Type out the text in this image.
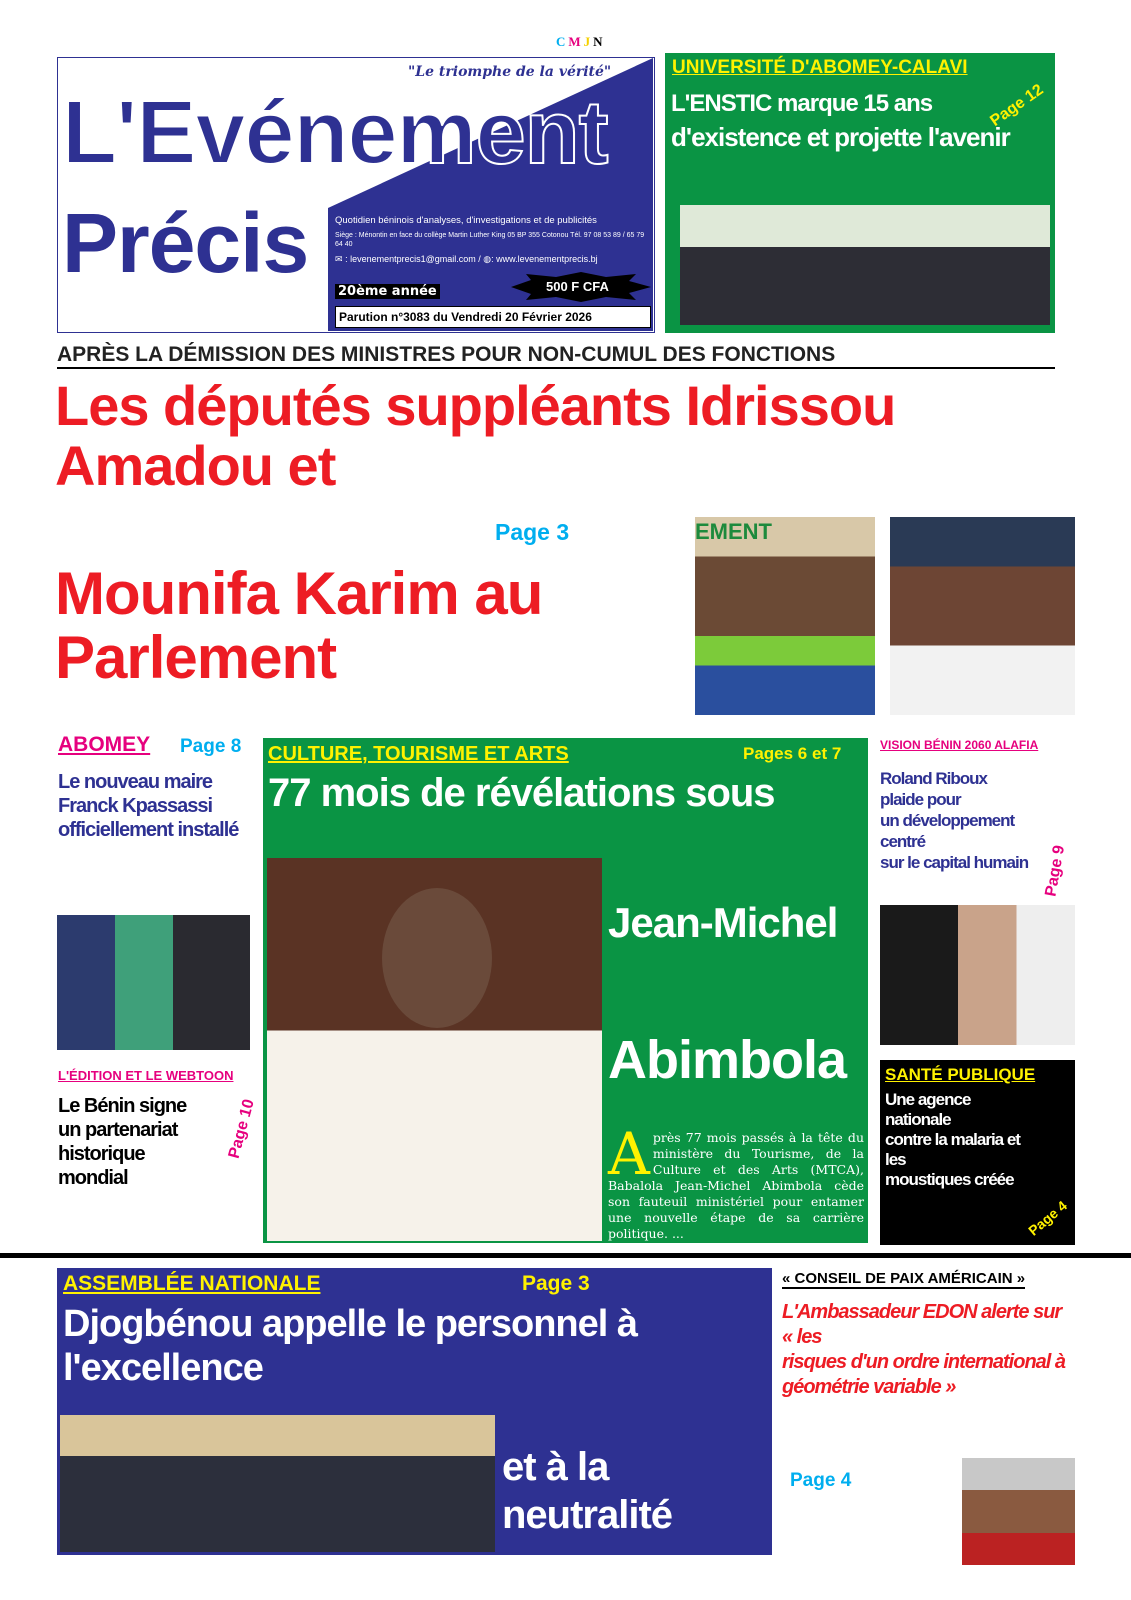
CMJN
"Le triomphe de la vérité"
L'Evénement
Précis	Quotidien béninois d'analyses, d'investigations et de publicités
Siège : Ménontin en face du collège Martin Luther King 05 BP 355 Cotonou Tél. 97 08 53 89 / 65 79 64 40
✉ : levenementprecis1@gmail.com / ◍: www.levenementprecis.bj
20ème année	500 F CFA
Parution n°3083 du Vendredi 20 Février 2026
UNIVERSITÉ D'ABOMEY-CALAVI
L'ENSTIC marque 15 ans
d'existence et projette l'avenir
Page 12
APRÈS LA DÉMISSION DES MINISTRES POUR NON-CUMUL DES FONCTIONS
Les députés suppléants Idrissou Amadou et
Page 3
Mounifa Karim au Parlement
EMENT
ABOMEY Page 8
Le nouveau maire
Franck Kpassassi
officiellement installé
L'ÉDITION ET LE WEBTOON
Le Bénin signe
un partenariat
historique mondial
Page 10
CULTURE, TOURISME ET ARTS	Pages 6 et 7
77 mois de révélations sous
Jean-Michel
Abimbola
Après 77 mois passés à la tête du ministère du Tourisme, de la Culture et des Arts (MTCA), Babalola Jean-Michel Abimbola cède son fauteuil ministériel pour entamer une nouvelle étape de sa carrière politique. ...
VISION BÉNIN 2060 ALAFIA
Roland Riboux plaide pour
un développement centré
sur le capital humain Page 9
SANTÉ PUBLIQUE
Une agence nationale
contre la malaria et les
moustiques créée
Page 4
ASSEMBLÉE NATIONALE	Page 3
Djogbénou appelle le personnel à l'excellence
et à la neutralité
« CONSEIL DE PAIX AMÉRICAIN »
L'Ambassadeur EDON alerte sur « les
risques d'un ordre international à
géométrie variable »
Page 4
